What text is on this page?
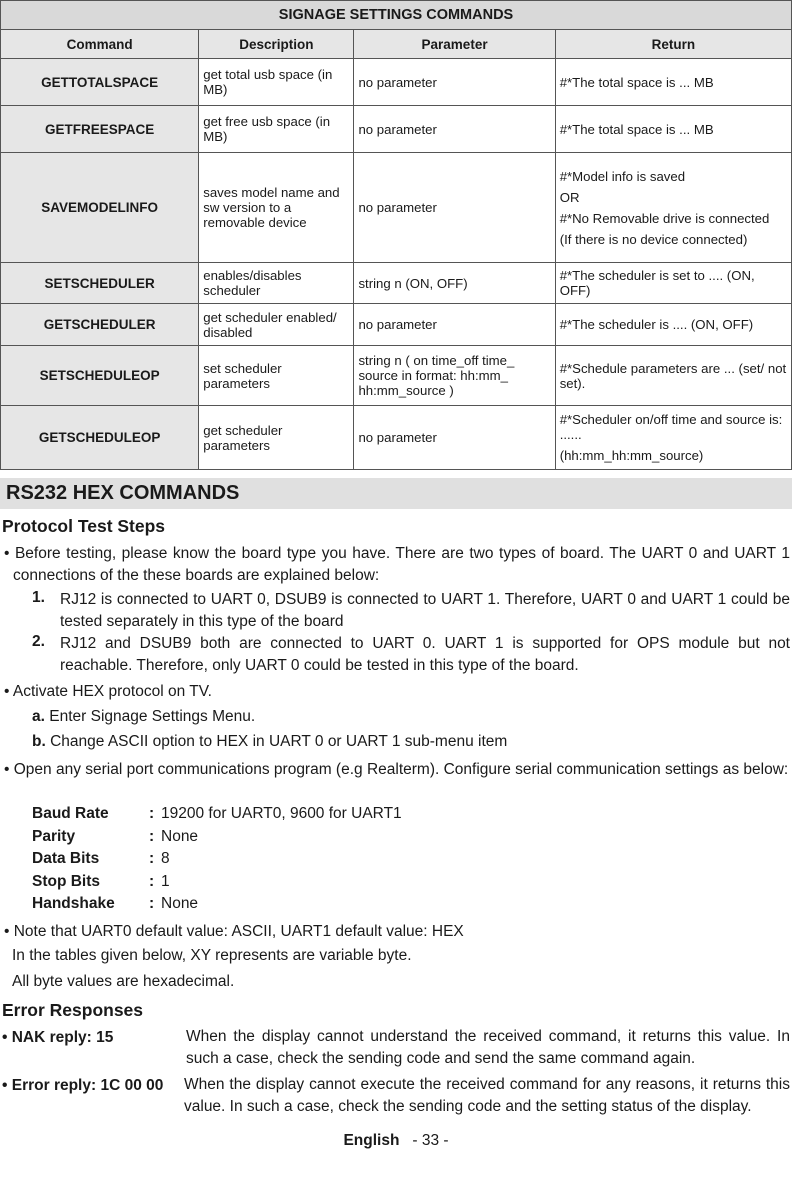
SIGNAGE SETTINGS COMMANDS			
Command	Description	Parameter	Return
GETTOTALSPACE	get total usb space (in MB)	no parameter	#*The total space is ... MB

GETFREESPACE	get free usb space (in MB)	no parameter	#*The total space is ... MB

SAVEMODELINFO	saves model name and sw version to a removable device	no parameter	#*Model info is saved

OR

#*No Removable drive is connected

(If there is no device connected)

SETSCHEDULER	enables/disables scheduler	string n (ON, OFF)	#*The scheduler is set to .... (ON, OFF)

GETSCHEDULER	get scheduler enabled/ disabled	no parameter	#*The scheduler is .... (ON, OFF)

SETSCHEDULEOP	set scheduler parameters	string n ( on time_off time_ source in format: hh:mm_ hh:mm_source )	#*Schedule parameters are ... (set/ not set).

GETSCHEDULEOP	get scheduler parameters	no parameter	#*Scheduler on/off time and source is: ......

(hh:mm_hh:mm_source)

RS232 HEX COMMANDS
Protocol Test Steps
• Before testing, please know the board type you have. There are two types of board. The UART 0 and UART 1 connections of the these boards are explained below:
1. RJ12 is connected to UART 0, DSUB9 is connected to UART 1. Therefore, UART 0 and UART 1 could be tested separately in this type of the board
2. RJ12 and DSUB9 both are connected to UART 0. UART 1 is supported for OPS module but not reachable. Therefore, only UART 0 could be tested in this type of the board.
• Activate HEX protocol on TV.
a. Enter Signage Settings Menu.
b. Change ASCII option to HEX in UART 0 or UART 1 sub-menu item
• Open any serial port communications program (e.g Realterm). Configure serial communication settings as below:
Baud Rate	: 19200 for UART0, 9600 for UART1
Parity	: None
Data Bits	: 8
Stop Bits	: 1
Handshake : None
• Note that UART0 default value: ASCII, UART1 default value: HEX
In the tables given below, XY represents are variable byte.
All byte values are hexadecimal.
Error Responses
• NAK reply: 15	When the display cannot understand the received command, it returns this value. In such a case, check the sending code and send the same command again.
• Error reply: 1C 00 00 When the display cannot execute the received command for any reasons, it returns this value. In such a case, check the sending code and the setting status of the display.
English - 33 -
